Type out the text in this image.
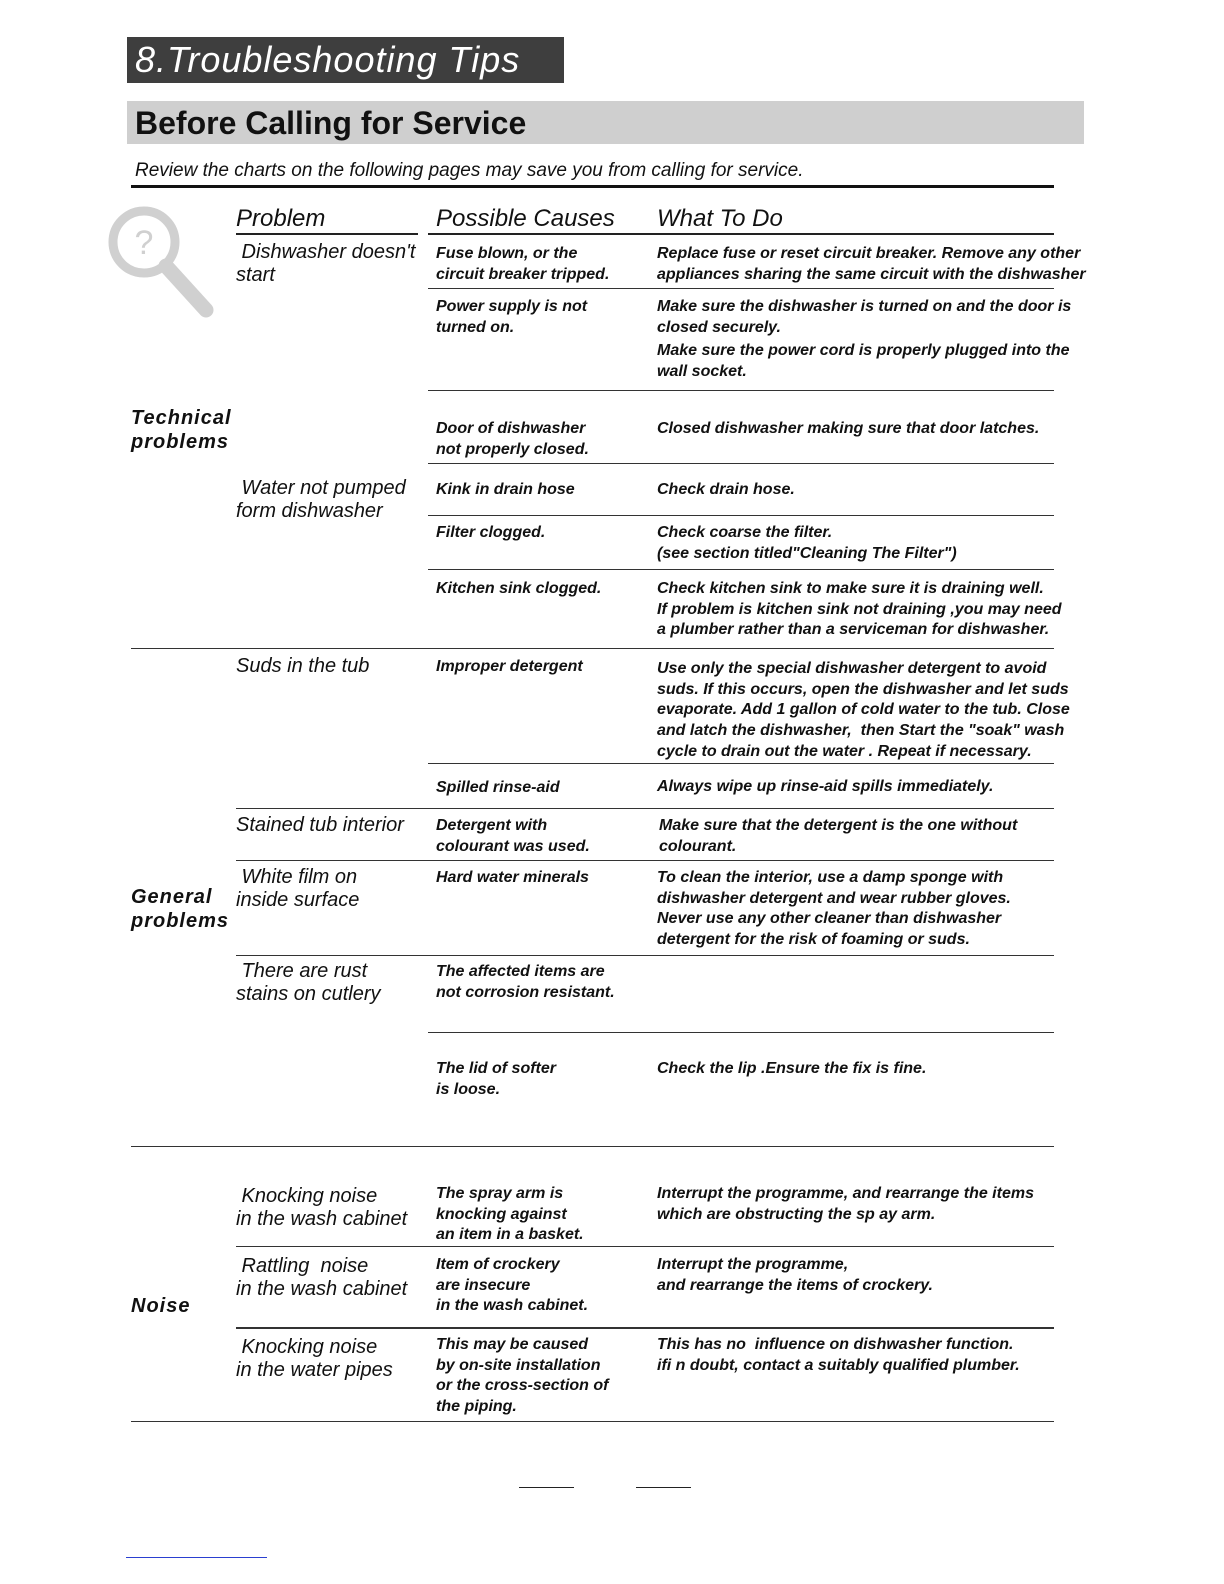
8.Troubleshooting Tips
Before Calling for Service
Review the charts on the following pages may save you from calling for service.
?
Problem	Possible Causes What To Do
Technical
problems
General
problems
Noise
Dishwasher doesn't
start
Water not pumped
form dishwasher
Suds in the tub
Stained tub interior
White film on
inside surface
There are rust
stains on cutlery
Knocking noise
in the wash cabinet
Rattling  noise
in the wash cabinet
Knocking noise
in the water pipes
Fuse blown, or the
circuit breaker tripped.
Power supply is not
turned on.
Door of dishwasher
not properly closed.
Kink in drain hose
Filter clogged.
Kitchen sink clogged.
Improper detergent
Spilled rinse-aid
Detergent with
colourant was used.
Hard water minerals
The affected items are
not corrosion resistant.
The lid of softer
is loose.
The spray arm is
knocking against
an item in a basket.
Item of crockery
are insecure
in the wash cabinet.
This may be caused
by on-site installation
or the cross-section of
the piping.
Replace fuse or reset circuit breaker. Remove any other
appliances sharing the same circuit with the dishwasher
Make sure the dishwasher is turned on and the door is
closed securely.
Make sure the power cord is properly plugged into the
wall socket.
Closed dishwasher making sure that door latches.
Check drain hose.
Check coarse the filter.
(see section titled"Cleaning The Filter")
Check kitchen sink to make sure it is draining well.
If problem is kitchen sink not draining ,you may need
a plumber rather than a serviceman for dishwasher.
Use only the special dishwasher detergent to avoid
suds. If this occurs, open the dishwasher and let suds
evaporate. Add 1 gallon of cold water to the tub. Close
and latch the dishwasher,  then Start the "soak" wash
cycle to drain out the water . Repeat if necessary.
Always wipe up rinse-aid spills immediately.
Make sure that the detergent is the one without
colourant.
To clean the interior, use a damp sponge with
dishwasher detergent and wear rubber gloves.
Never use any other cleaner than dishwasher
detergent for the risk of foaming or suds.
Check the lip .Ensure the fix is fine.
Interrupt the programme, and rearrange the items
which are obstructing the sp ay arm.
Interrupt the programme,
and rearrange the items of crockery.
This has no  influence on dishwasher function.
ifi n doubt, contact a suitably qualified plumber.
